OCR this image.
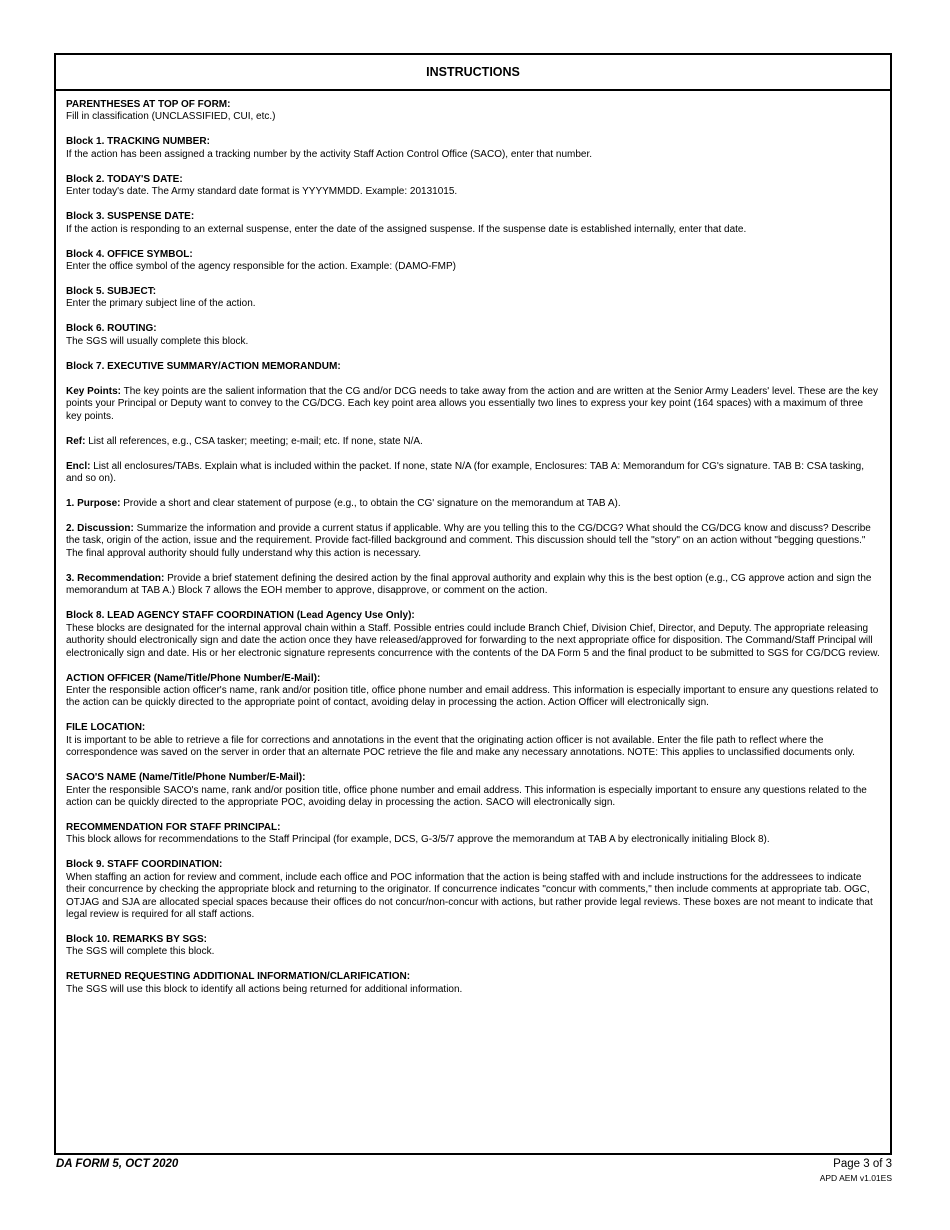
INSTRUCTIONS
PARENTHESES AT TOP OF FORM:
Fill in classification (UNCLASSIFIED, CUI, etc.)
Block 1. TRACKING NUMBER:
If the action has been assigned a tracking number by the activity Staff Action Control Office (SACO), enter that number.
Block 2. TODAY'S DATE:
Enter today's date. The Army standard date format is YYYYMMDD. Example: 20131015.
Block 3. SUSPENSE DATE:
If the action is responding to an external suspense, enter the date of the assigned suspense. If the suspense date is established internally, enter that date.
Block 4. OFFICE SYMBOL:
Enter the office symbol of the agency responsible for the action. Example: (DAMO-FMP)
Block 5. SUBJECT:
Enter the primary subject line of the action.
Block 6. ROUTING:
The SGS will usually complete this block.
Block 7. EXECUTIVE SUMMARY/ACTION MEMORANDUM:
Key Points: The key points are the salient information that the CG and/or DCG needs to take away from the action and are written at the Senior Army Leaders' level. These are the key points your Principal or Deputy want to convey to the CG/DCG. Each key point area allows you essentially two lines to express your key point (164 spaces) with a maximum of three key points.
Ref: List all references, e.g., CSA tasker; meeting; e-mail; etc. If none, state N/A.
Encl: List all enclosures/TABs. Explain what is included within the packet. If none, state N/A (for example, Enclosures: TAB A: Memorandum for CG's signature. TAB B: CSA tasking, and so on).
1. Purpose: Provide a short and clear statement of purpose (e.g., to obtain the CG' signature on the memorandum at TAB A).
2. Discussion: Summarize the information and provide a current status if applicable. Why are you telling this to the CG/DCG? What should the CG/DCG know and discuss? Describe the task, origin of the action, issue and the requirement. Provide fact-filled background and comment. This discussion should tell the "story" on an action without "begging questions." The final approval authority should fully understand why this action is necessary.
3. Recommendation: Provide a brief statement defining the desired action by the final approval authority and explain why this is the best option (e.g., CG approve action and sign the memorandum at TAB A.) Block 7 allows the EOH member to approve, disapprove, or comment on the action.
Block 8. LEAD AGENCY STAFF COORDINATION (Lead Agency Use Only):
These blocks are designated for the internal approval chain within a Staff. Possible entries could include Branch Chief, Division Chief, Director, and Deputy. The appropriate releasing authority should electronically sign and date the action once they have released/approved for forwarding to the next appropriate office for disposition. The Command/Staff Principal will electronically sign and date. His or her electronic signature represents concurrence with the contents of the DA Form 5 and the final product to be submitted to SGS for CG/DCG review.
ACTION OFFICER (Name/Title/Phone Number/E-Mail):
Enter the responsible action officer's name, rank and/or position title, office phone number and email address. This information is especially important to ensure any questions related to the action can be quickly directed to the appropriate point of contact, avoiding delay in processing the action. Action Officer will electronically sign.
FILE LOCATION:
It is important to be able to retrieve a file for corrections and annotations in the event that the originating action officer is not available. Enter the file path to reflect where the correspondence was saved on the server in order that an alternate POC retrieve the file and make any necessary annotations. NOTE: This applies to unclassified documents only.
SACO'S NAME (Name/Title/Phone Number/E-Mail):
Enter the responsible SACO's name, rank and/or position title, office phone number and email address. This information is especially important to ensure any questions related to the action can be quickly directed to the appropriate POC, avoiding delay in processing the action. SACO will electronically sign.
RECOMMENDATION FOR STAFF PRINCIPAL:
This block allows for recommendations to the Staff Principal (for example, DCS, G-3/5/7 approve the memorandum at TAB A by electronically initialing Block 8).
Block 9. STAFF COORDINATION:
When staffing an action for review and comment, include each office and POC information that the action is being staffed with and include instructions for the addressees to indicate their concurrence by checking the appropriate block and returning to the originator. If concurrence indicates "concur with comments," then include comments at appropriate tab. OGC, OTJAG and SJA are allocated special spaces because their offices do not concur/non-concur with actions, but rather provide legal reviews. These boxes are not meant to indicate that legal review is required for all staff actions.
Block 10. REMARKS BY SGS:
The SGS will complete this block.
RETURNED REQUESTING ADDITIONAL INFORMATION/CLARIFICATION:
The SGS will use this block to identify all actions being returned for additional information.
DA FORM 5, OCT 2020	Page 3 of 3
APD AEM v1.01ES
